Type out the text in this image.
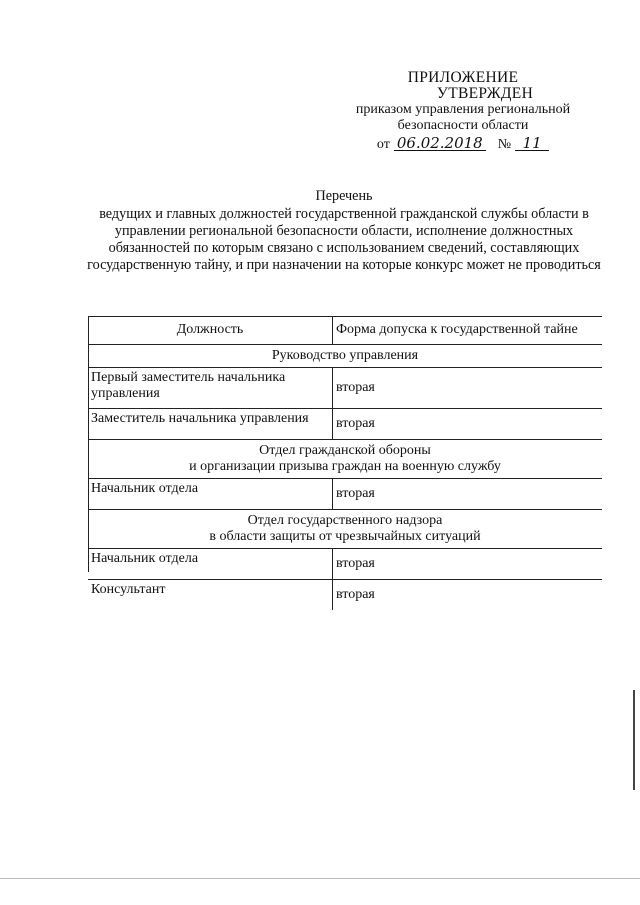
ПРИЛОЖЕНИЕ
УТВЕРЖДЕН
приказом управления региональной
безопасности области
от 06.02.2018 № 11
Перечень
ведущих и главных должностей государственной гражданской службы области в управлении региональной безопасности области, исполнение должностных обязанностей по которым связано с использованием сведений, составляющих государственную тайну, и при назначении на которые конкурс может не проводиться
Должность	Форма допуска к государственной тайне
Руководство управления	
Первый заместитель начальника управления	вторая
Заместитель начальника управления	вторая

Отдел гражданской обороны
и организации призыва граждан на военную службу	

Начальник отдела	вторая

Отдел государственного надзора
в области защиты от чрезвычайных ситуаций	

Начальник отдела	вторая
Консультант	вторая
